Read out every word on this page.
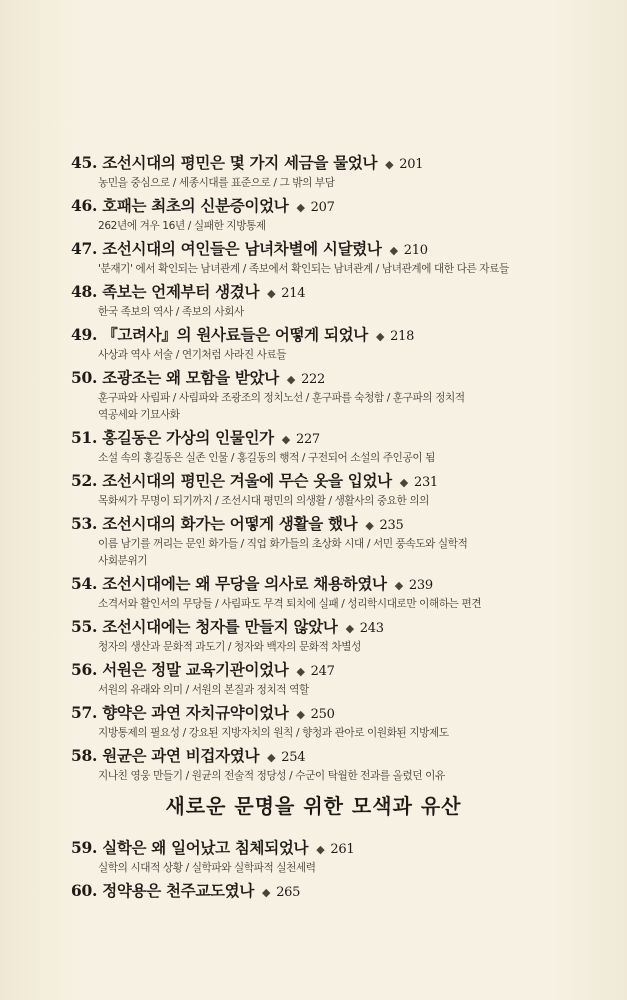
45. 조선시대의 평민은 몇 가지 세금을 물었나 ◆ 201
농민을 중심으로 / 세종시대를 표준으로 / 그 밖의 부담
46. 호패는 최초의 신분증이었나 ◆ 207
262년에 겨우 16년 / 실패한 지방통제
47. 조선시대의 여인들은 남녀차별에 시달렸나 ◆ 210
'분재기' 에서 확인되는 남녀관계 / 족보에서 확인되는 남녀관계 / 남녀관계에 대한 다른 자료들
48. 족보는 언제부터 생겼나 ◆ 214
한국 족보의 역사 / 족보의 사회사
49. 『고려사』의 원사료들은 어떻게 되었나 ◆ 218
사상과 역사 서술 / 연기처럼 사라진 사료들
50. 조광조는 왜 모함을 받았나 ◆ 222
훈구파와 사림파 / 사림파와 조광조의 정치노선 / 훈구파를 숙청함 / 훈구파의 정치적
역공세와 기묘사화
51. 홍길동은 가상의 인물인가 ◆ 227
소설 속의 홍길동은 실존 인물 / 홍길동의 행적 / 구전되어 소설의 주인공이 됨
52. 조선시대의 평민은 겨울에 무슨 옷을 입었나 ◆ 231
목화씨가 무명이 되기까지 / 조선시대 평민의 의생활 / 생활사의 중요한 의의
53. 조선시대의 화가는 어떻게 생활을 했나 ◆ 235
이름 남기를 꺼리는 문인 화가들 / 직업 화가들의 초상화 시대 / 서민 풍속도와 실학적
사회분위기
54. 조선시대에는 왜 무당을 의사로 채용하였나 ◆ 239
소격서와 활인서의 무당들 / 사림파도 무격 퇴치에 실패 / 성리학시대로만 이해하는 편견
55. 조선시대에는 청자를 만들지 않았나 ◆ 243
청자의 생산과 문화적 과도기 / 청자와 백자의 문화적 차별성
56. 서원은 정말 교육기관이었나 ◆ 247
서원의 유래와 의미 / 서원의 본질과 정치적 역할
57. 향약은 과연 자치규약이었나 ◆ 250
지방통제의 필요성 / 강요된 지방자치의 원칙 / 향청과 관아로 이원화된 지방제도
58. 원균은 과연 비겁자였나 ◆ 254
지나친 영웅 만들기 / 원균의 전술적 정당성 / 수군이 탁월한 전과를 올렸던 이유
새로운 문명을 위한 모색과 유산
59. 실학은 왜 일어났고 침체되었나 ◆ 261
실학의 시대적 상황 / 실학파와 실학파적 실천세력
60. 정약용은 천주교도였나 ◆ 265
